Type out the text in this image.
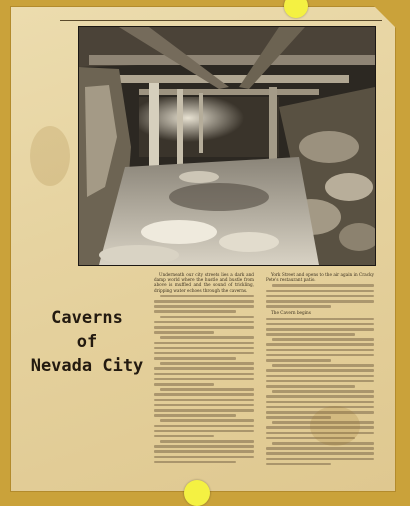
Caverns
of
Nevada City

Underneath our city streets lies a dark and damp world where the hustle and bustle from above is muffled and the sound of trickling, dripping water echoes through the caverns.

York Street and opens to the air again in Cracky Pete's restaurant patio.

The Cavern begins
